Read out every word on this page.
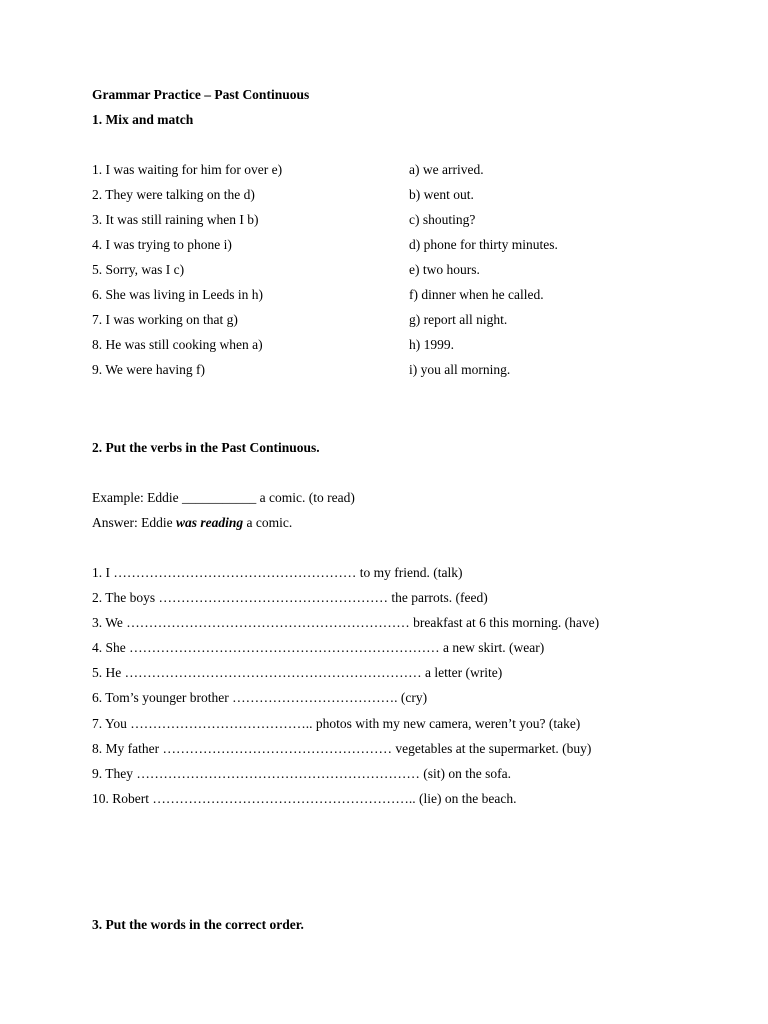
Grammar Practice – Past Continuous
1. Mix and match
1. I was waiting for him for over e)
2. They were talking on the d)
3. It was still raining when I b)
4. I was trying to phone i)
5. Sorry, was I c)
6. She was living in Leeds in h)
7. I was working on that g)
8. He was still cooking when a)
9. We were having f)
a) we arrived.
b) went out.
c) shouting?
d) phone for thirty minutes.
e) two hours.
f) dinner when he called.
g) report all night.
h) 1999.
i) you all morning.
2. Put the verbs in the Past Continuous.
Example: Eddie ___________ a comic. (to read)
Answer: Eddie was reading a comic.
1. I ……………………………………………… to my friend. (talk)
2. The boys …………………………………………… the parrots. (feed)
3. We ……………………………………………………… breakfast at 6 this morning. (have)
4. She …………………………………………………………… a new skirt. (wear)
5. He ………………………………………………………… a letter (write)
6. Tom’s younger brother ………………………………. (cry)
7. You ………………………………….. photos with my new camera, weren’t you? (take)
8. My father …………………………………………… vegetables at the supermarket. (buy)
9. They ……………………………………………………… (sit) on the sofa.
10. Robert ………………………………………………….. (lie) on the beach.
3. Put the words in the correct order.
